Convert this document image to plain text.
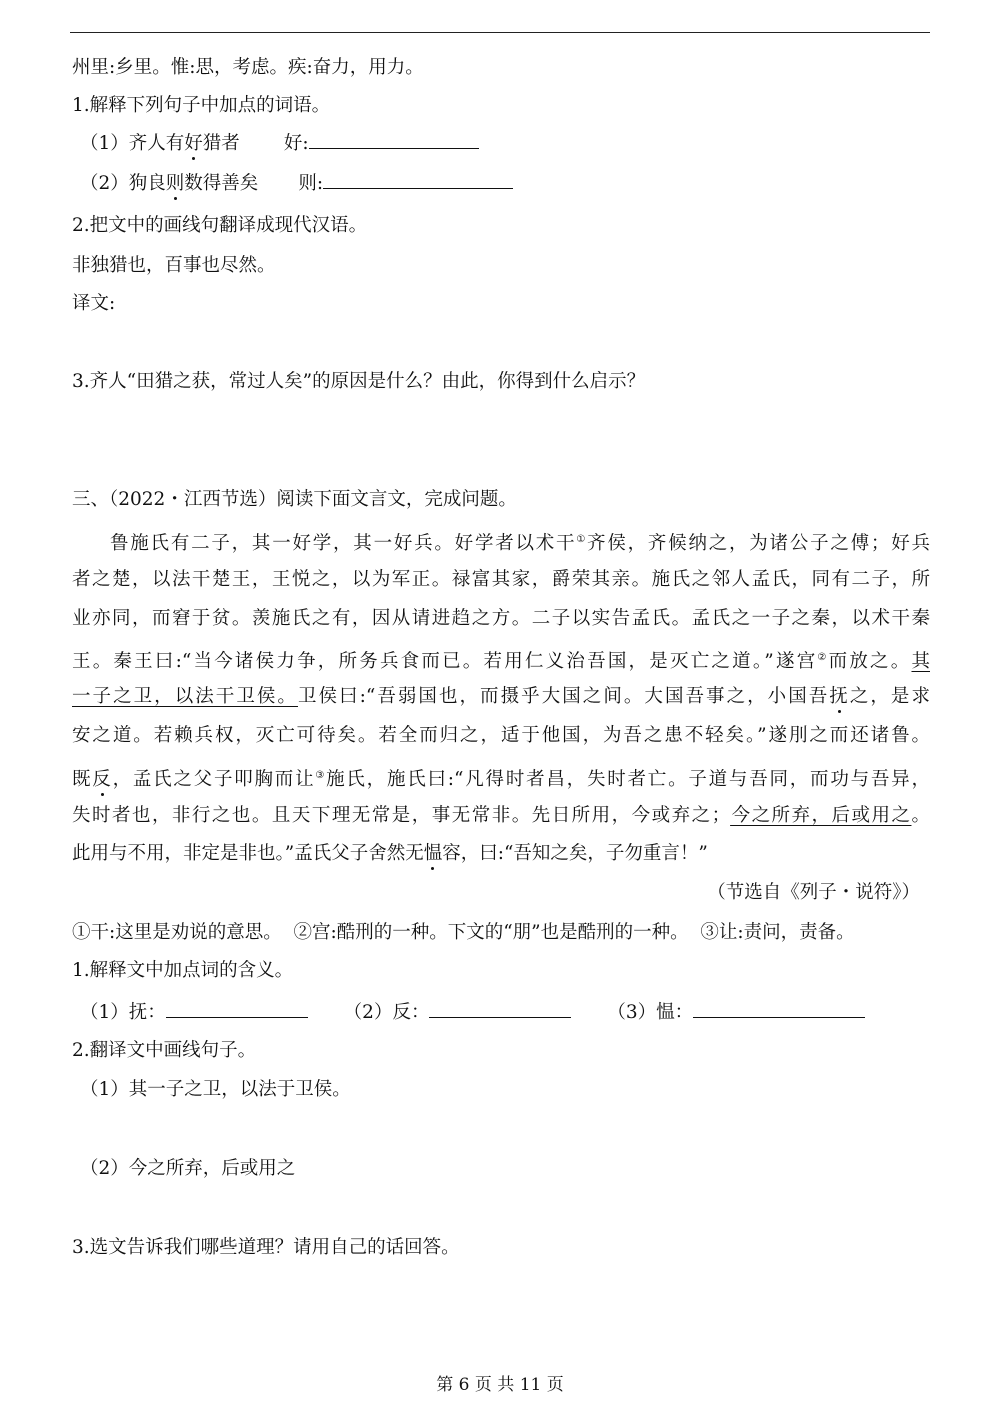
州里:乡里。惟:思，考虑。疾:奋力，用力。
1.解释下列句子中加点的词语。
（1）齐人有好猎者 好:
（2）狗良则数得善矣 则:
2.把文中的画线句翻译成现代汉语。
非独猎也，百事也尽然。
译文:
3.齐人“田猎之获，常过人矣”的原因是什么？由此，你得到什么启示？
三、（2022・江西节选）阅读下面文言文，完成问题。
鲁施氏有二子，其一好学，其一好兵。好学者以术干①齐侯，齐候纳之，为诸公子之傅；好兵
者之楚，以法干楚王，王悦之，以为军正。禄富其家，爵荣其亲。施氏之邻人孟氏，同有二子，所
业亦同，而窘于贫。羡施氏之有，因从请进趋之方。二子以实告孟氏。孟氏之一子之秦，以术干秦
王。秦王曰:“当今诸侯力争，所务兵食而已。若用仁义治吾国，是灭亡之道。”遂宫②而放之。其
一子之卫，以法干卫侯。卫侯曰:“吾弱国也，而摄乎大国之间。大国吾事之，小国吾抚之，是求
安之道。若赖兵权，灭亡可待矣。若全而归之，适于他国，为吾之患不轻矣。”遂刖之而还诸鲁。
既反，孟氏之父子叩胸而让③施氏，施氏曰:“凡得时者昌，失时者亡。子道与吾同，而功与吾异，
失时者也，非行之也。且天下理无常是，事无常非。先日所用，今或弃之；今之所弃，后或用之。
此用与不用，非定是非也。”孟氏父子舍然无愠容，曰:“吾知之矣，子勿重言！”
（节选自《列子・说符》）
①干:这里是劝说的意思。  ②宫:酷刑的一种。下文的“朋”也是酷刑的一种。  ③让:责问，责备。
1.解释文中加点词的含义。
（1）抚：	（2）反：	（3）愠：
2.翻译文中画线句子。
（1）其一子之卫，以法于卫侯。
（2）今之所弃，后或用之
3.选文告诉我们哪些道理？请用自己的话回答。
第 6 页 共 11 页
